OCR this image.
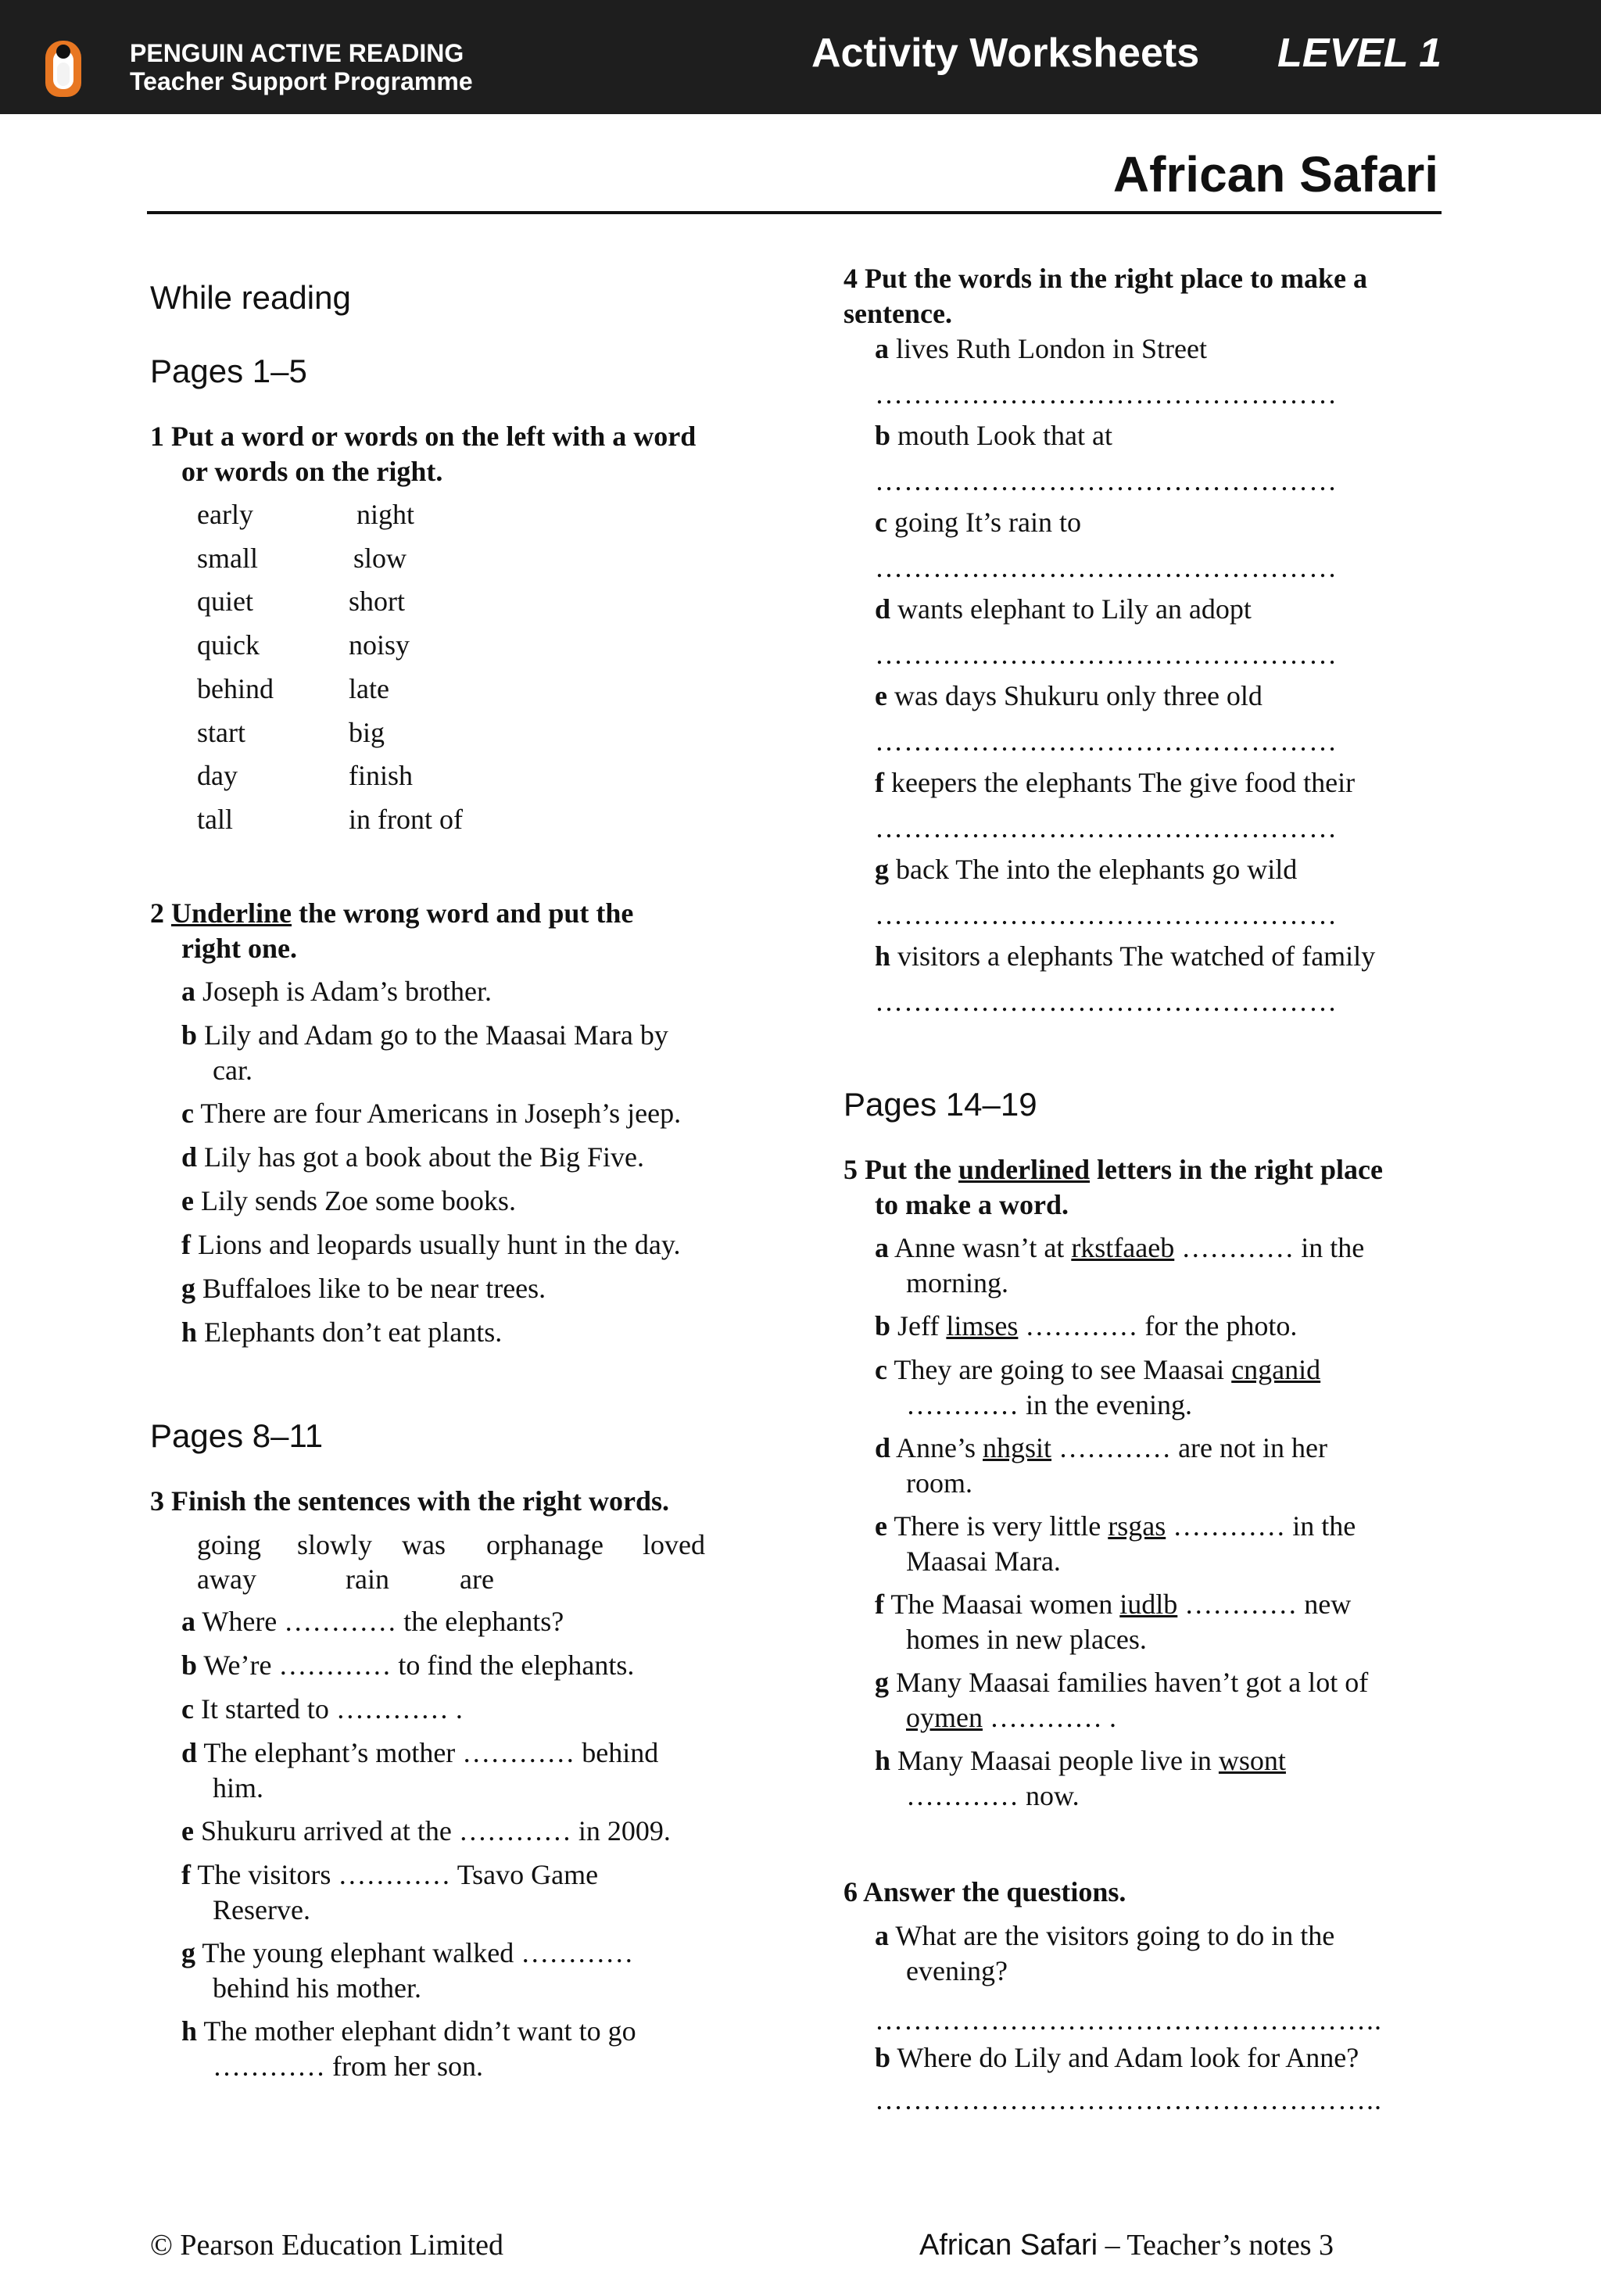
PENGUIN ACTIVE READING
Teacher Support Programme
Activity Worksheets LEVEL 1
African Safari
While reading
Pages 1–5
1 Put a word or words on the left with a word
or words on the right.
early	night
small	slow
quiet	short
quick	noisy
behind	late
start	big
day	finish
tall	in front of
2 Underline the wrong word and put the
right one.
a Joseph is Adam’s brother.
b Lily and Adam go to the Maasai Mara by
car.
c There are four Americans in Joseph’s jeep.
d Lily has got a book about the Big Five.
e Lily sends Zoe some books.
f Lions and leopards usually hunt in the day.
g Buffaloes like to be near trees.
h Elephants don’t eat plants.
Pages 8–11
3 Finish the sentences with the right words.
going slowly was orphanage loved
away	rain	are
a Where ………… the elephants?
b We’re ………… to find the elephants.
c It started to ………… .
d The elephant’s mother ………… behind
him.
e Shukuru arrived at the ………… in 2009.
f The visitors ………… Tsavo Game
Reserve.
g The young elephant walked …………
behind his mother.
h The mother elephant didn’t want to go
………… from her son.
4 Put the words in the right place to make a
sentence.
a lives Ruth London in Street
…………………………………………
b mouth Look that at
…………………………………………
c going It’s rain to
…………………………………………
d wants elephant to Lily an adopt
…………………………………………
e was days Shukuru only three old
…………………………………………
f keepers the elephants The give food their
…………………………………………
g back The into the elephants go wild
…………………………………………
h visitors a elephants The watched of family
…………………………………………
Pages 14–19
5 Put the underlined letters in the right place
to make a word.
a Anne wasn’t at rkstfaaeb ………… in the
morning.
b Jeff limses ………… for the photo.
c They are going to see Maasai cnganid
………… in the evening.
d Anne’s nhgsit ………… are not in her
room.
e There is very little rsgas ………… in the
Maasai Mara.
f The Maasai women iudlb ………… new
homes in new places.
g Many Maasai families haven’t got a lot of
oymen ………… .
h Many Maasai people live in wsont
………… now.
6 Answer the questions.
a What are the visitors going to do in the
evening?
b Where do Lily and Adam look for Anne?
……………………………………………..
……………………………………………..
© Pearson Education Limited	African Safari – Teacher’s notes 3
